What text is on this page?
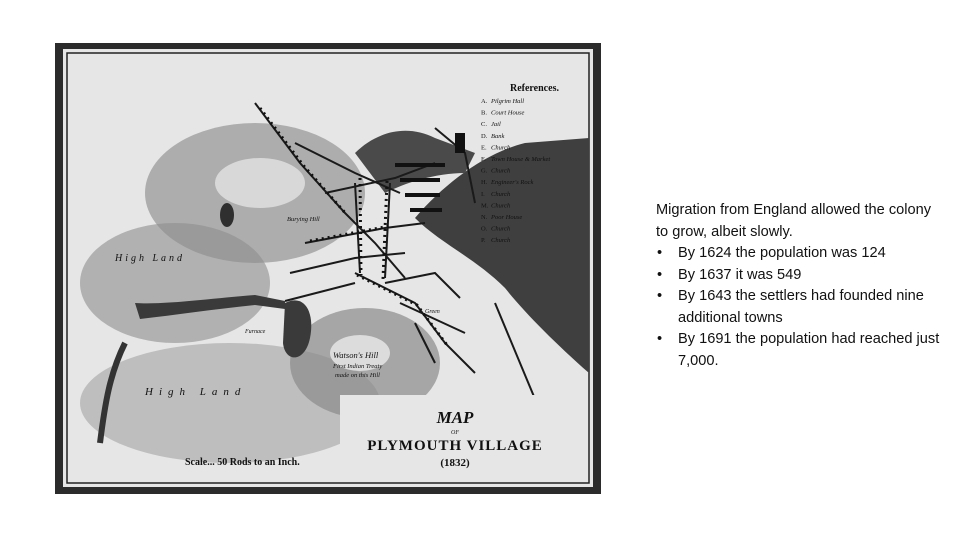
High Land
High Land
Watson's Hill
First Indian Treaty
made on this Hill
Burying Hill
Furnace
Green
References.
A. Pilgrim Hall
B. Court House
C. Jail
D. Bank
E. Church
F. Town House & Market
G. Church
H. Engineer's Rock
I. Church
M. Church
N. Poor House
O. Church
P. Church
MAP
OF
PLYMOUTH VILLAGE
(1832)
Scale... 50 Rods to an Inch.

Migration from England allowed the colony to grow, albeit slowly.

• By 1624 the population was 124
• By 1637 it was 549
• By 1643 the settlers had founded nine additional towns
• By 1691 the population had reached just 7,000.
